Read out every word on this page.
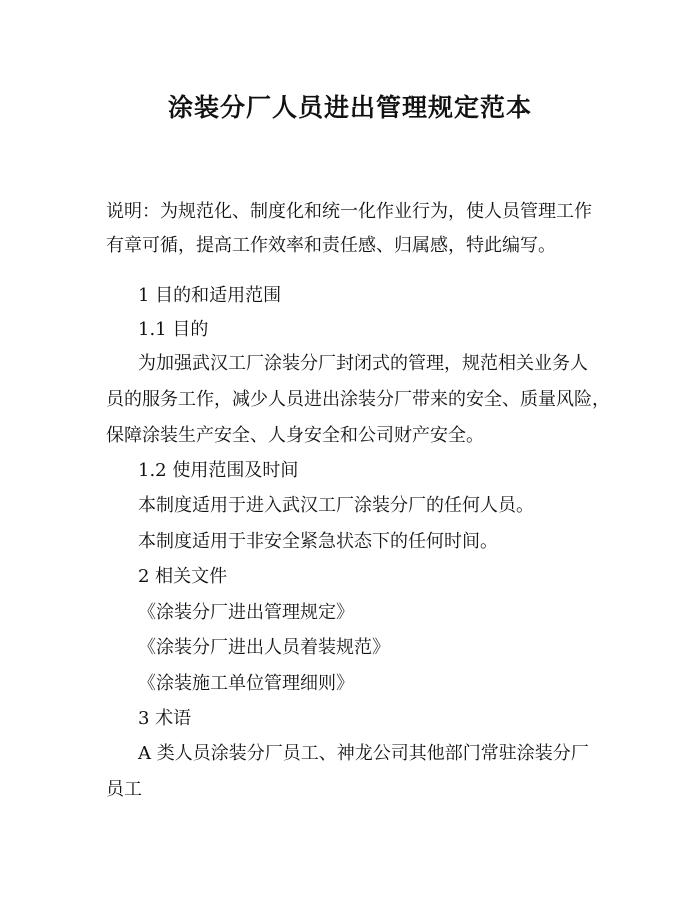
涂装分厂人员进出管理规定范本
说明：为规范化、制度化和统一化作业行为，使人员管理工作
有章可循，提高工作效率和责任感、归属感，特此编写。
1 目的和适用范围
1.1 目的
为加强武汉工厂涂装分厂封闭式的管理，规范相关业务人
员的服务工作，减少人员进出涂装分厂带来的安全、质量风险，
保障涂装生产安全、人身安全和公司财产安全。
1.2 使用范围及时间
本制度适用于进入武汉工厂涂装分厂的任何人员。
本制度适用于非安全紧急状态下的任何时间。
2 相关文件
《涂装分厂进出管理规定》
《涂装分厂进出人员着装规范》
《涂装施工单位管理细则》
3 术语
A 类人员涂装分厂员工、神龙公司其他部门常驻涂装分厂
员工
